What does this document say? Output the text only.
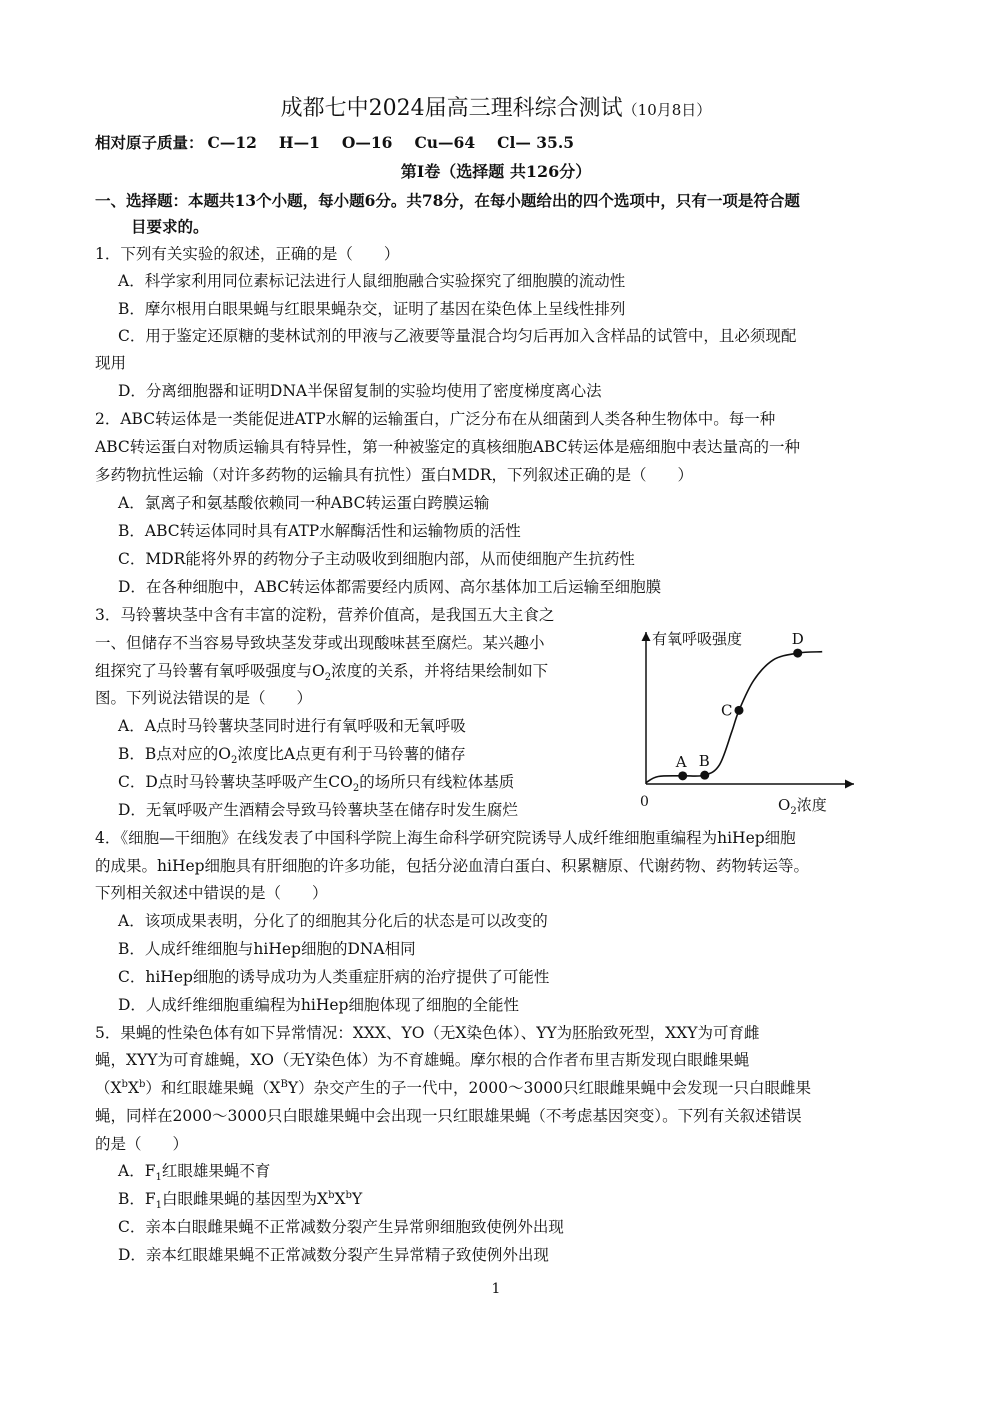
成都七中2024届高三理科综合测试（10月8日）
相对原子质量： C—12 H—1 O—16 Cu—64 Cl— 35.5
第I卷（选择题 共126分）
一、选择题：本题共13个小题，每小题6分。共78分，在每小题给出的四个选项中，只有一项是符合题
目要求的。
1．下列有关实验的叙述，正确的是（　　）
A．科学家利用同位素标记法进行人鼠细胞融合实验探究了细胞膜的流动性
B．摩尔根用白眼果蝇与红眼果蝇杂交，证明了基因在染色体上呈线性排列
C．用于鉴定还原糖的斐林试剂的甲液与乙液要等量混合均匀后再加入含样品的试管中，且必须现配
现用
D．分离细胞器和证明DNA半保留复制的实验均使用了密度梯度离心法
2．ABC转运体是一类能促进ATP水解的运输蛋白，广泛分布在从细菌到人类各种生物体中。每一种
ABC转运蛋白对物质运输具有特异性，第一种被鉴定的真核细胞ABC转运体是癌细胞中表达量高的一种
多药物抗性运输（对许多药物的运输具有抗性）蛋白MDR，下列叙述正确的是（　　）
A．氯离子和氨基酸依赖同一种ABC转运蛋白跨膜运输
B．ABC转运体同时具有ATP水解酶活性和运输物质的活性
C．MDR能将外界的药物分子主动吸收到细胞内部，从而使细胞产生抗药性
D．在各种细胞中，ABC转运体都需要经内质网、高尔基体加工后运输至细胞膜
3．马铃薯块茎中含有丰富的淀粉，营养价值高，是我国五大主食之
一、但储存不当容易导致块茎发芽或出现酸味甚至腐烂。某兴趣小
组探究了马铃薯有氧呼吸强度与$O_2$浓度的关系，并将结果绘制如下
图。下列说法错误的是（　　）
A．A点时马铃薯块茎同时进行有氧呼吸和无氧呼吸
B．B点对应的$O_2$浓度比A点更有利于马铃薯的储存
C．D点时马铃薯块茎呼吸产生$CO_2$的场所只有线粒体基质
D．无氧呼吸产生酒精会导致马铃薯块茎在储存时发生腐烂
有氧呼吸强度
0	$O_2$浓度
A B
C
D
4．《细胞—干细胞》在线发表了中国科学院上海生命科学研究院诱导人成纤维细胞重编程为hiHep细胞
的成果。hiHep细胞具有肝细胞的许多功能，包括分泌血清白蛋白、积累糖原、代谢药物、药物转运等。
下列相关叙述中错误的是（　　）
A．该项成果表明，分化了的细胞其分化后的状态是可以改变的
B．人成纤维细胞与hiHep细胞的DNA相同
C．hiHep细胞的诱导成功为人类重症肝病的治疗提供了可能性
D．人成纤维细胞重编程为hiHep细胞体现了细胞的全能性
5．果蝇的性染色体有如下异常情况：XXX、YO（无X染色体）、YY为胚胎致死型，XXY为可育雌
蝇，XYY为可育雄蝇，XO（无Y染色体）为不育雄蝇。摩尔根的合作者布里吉斯发现白眼雌果蝇
$(X^bX^b)$和红眼雄果蝇$(X^BY)$杂交产生的子一代中，2000～3000只红眼雌果蝇中会发现一只白眼雌果
蝇，同样在2000～3000只白眼雄果蝇中会出现一只红眼雄果蝇（不考虑基因突变）。下列有关叙述错误
的是（　　）
A．$F_1$红眼雄果蝇不育
B．$F_1$白眼雌果蝇的基因型为$X^bX^bY$
C．亲本白眼雌果蝇不正常减数分裂产生异常卵细胞致使例外出现
D．亲本红眼雄果蝇不正常减数分裂产生异常精子致使例外出现
1
